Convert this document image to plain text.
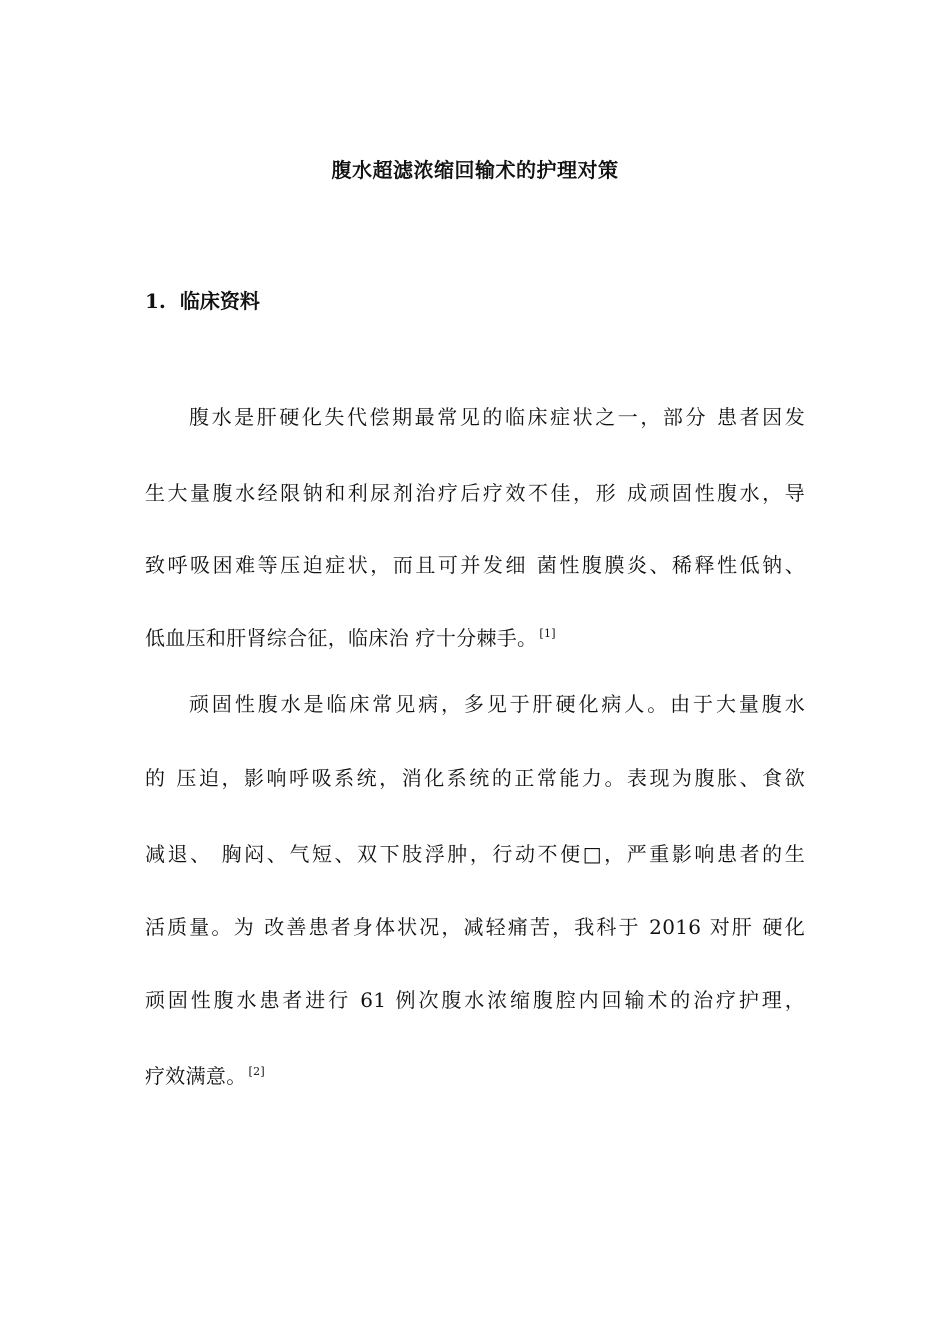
腹水超滤浓缩回输术的护理对策
1. 临床资料
腹水是肝硬化失代偿期最常见的临床症状之一，部分 患者因发
生大量腹水经限钠和利尿剂治疗后疗效不佳，形 成顽固性腹水，导
致呼吸困难等压迫症状，而且可并发细 菌性腹膜炎、稀释性低钠、
低血压和肝肾综合征，临床治 疗十分棘手。 [1]
顽固性腹水是临床常见病，多见于肝硬化病人。由于大量腹水
的 压迫，影响呼吸系统，消化系统的正常能力。表现为腹胀、食欲
减退、 胸闷、气短、双下肢浮肿，行动不便□，严重影响患者的生
活质量。为 改善患者身体状况，减轻痛苦，我科于 2016 对肝 硬化
顽固性腹水患者进行 61 例次腹水浓缩腹腔内回输术的治疗护理，
疗效满意。 [2]
